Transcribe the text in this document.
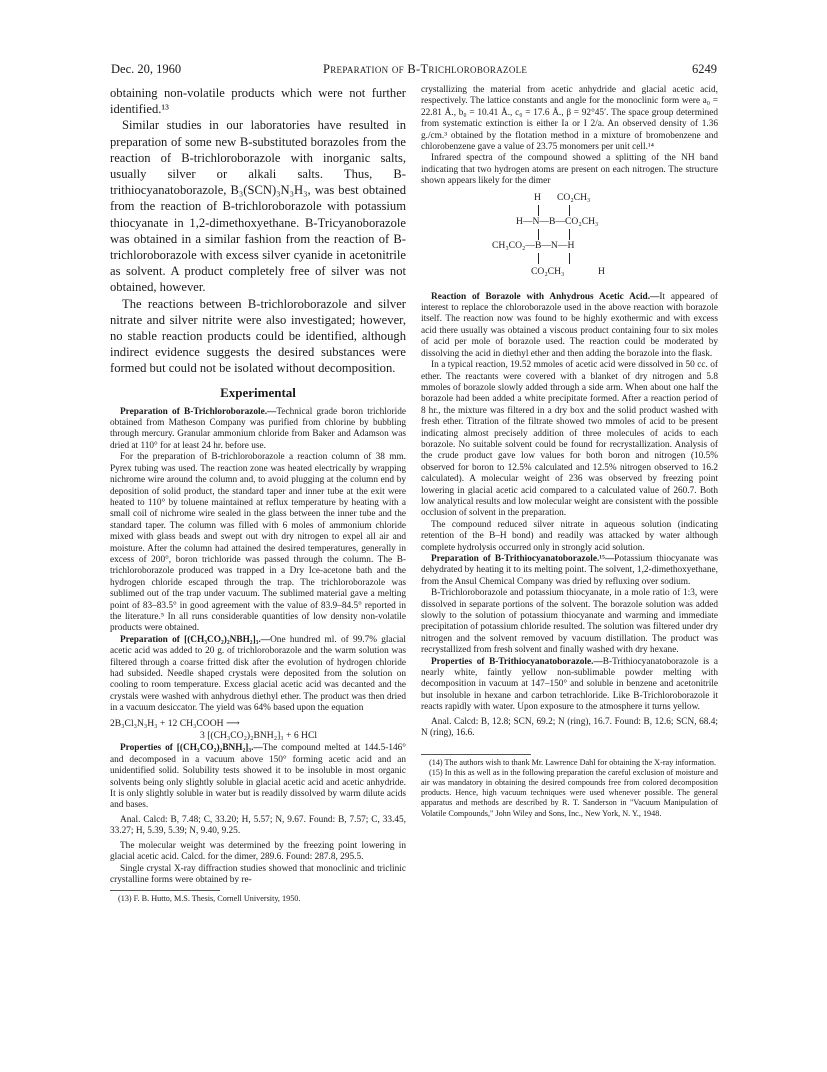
Dec. 20, 1960	Preparation of B-Trichloroborazole	6249

obtaining non-volatile products which were not further identified.¹³

Similar studies in our laboratories have resulted in preparation of some new B-substituted borazoles from the reaction of B-trichloroborazole with inorganic salts, usually silver or alkali salts. Thus, B-trithiocyanatoborazole, B₃(SCN)₃N₃H₃, was best obtained from the reaction of B-trichloroborazole with potassium thiocyanate in 1,2-dimethoxyethane. B-Tricyanoborazole was obtained in a similar fashion from the reaction of B-trichloroborazole with excess silver cyanide in acetonitrile as solvent. A product completely free of silver was not obtained, however.

The reactions between B-trichloroborazole and silver nitrate and silver nitrite were also investigated; however, no stable reaction products could be identified, although indirect evidence suggests the desired substances were formed but could not be isolated without decomposition.

Experimental

Preparation of B-Trichloroborazole.—Technical grade boron trichloride obtained from Matheson Company was purified from chlorine by bubbling through mercury. Granular ammonium chloride from Baker and Adamson was dried at 110° for at least 24 hr. before use.

For the preparation of B-trichloroborazole a reaction column of 38 mm. Pyrex tubing was used. The reaction zone was heated electrically by wrapping nichrome wire around the column and, to avoid plugging at the column end by deposition of solid product, the standard taper and inner tube at the exit were heated to 110° by toluene maintained at reflux temperature by heating with a small coil of nichrome wire sealed in the glass between the inner tube and the standard taper. The column was filled with 6 moles of ammonium chloride mixed with glass beads and swept out with dry nitrogen to expel all air and moisture. After the column had attained the desired temperatures, generally in excess of 200°, boron trichloride was passed through the column. The B-trichloroborazole produced was trapped in a Dry Ice-acetone bath and the hydrogen chloride escaped through the trap. The trichloroborazole was sublimed out of the trap under vacuum. The sublimed material gave a melting point of 83–83.5° in good agreement with the value of 83.9–84.5° reported in the literature.⁵ In all runs considerable quantities of low density non-volatile products were obtained.

Preparation of [(CH₃CO₂)₂NBH₂]₃.—One hundred ml. of 99.7% glacial acetic acid was added to 20 g. of trichloroborazole and the warm solution was filtered through a coarse fritted disk after the evolution of hydrogen chloride had subsided. Needle shaped crystals were deposited from the solution on cooling to room temperature. Excess glacial acetic acid was decanted and the crystals were washed with anhydrous diethyl ether. The product was then dried in a vacuum desiccator. The yield was 64% based upon the equation

2B₃Cl₃N₃H₃ + 12 CH₃COOH ⟶
3 [(CH₃CO₂)₂BNH₂]₃ + 6 HCl

Properties of [(CH₃CO₂)₂BNH₂]₃.—The compound melted at 144.5-146° and decomposed in a vacuum above 150° forming acetic acid and an unidentified solid. Solubility tests showed it to be insoluble in most organic solvents being only slightly soluble in glacial acetic acid and acetic anhydride. It is only slightly soluble in water but is readily dissolved by warm dilute acids and bases.

Anal. Calcd: B, 7.48; C, 33.20; H, 5.57; N, 9.67. Found: B, 7.57; C, 33.45, 33.27; H, 5.39, 5.39; N, 9.40, 9.25.

The molecular weight was determined by the freezing point lowering in glacial acetic acid. Calcd. for the dimer, 289.6. Found: 287.8, 295.5.

Single crystal X-ray diffraction studies showed that monoclinic and triclinic crystalline forms were obtained by re-

(13) F. B. Hutto, M.S. Thesis, Cornell University, 1950.

crystallizing the material from acetic anhydride and glacial acetic acid, respectively. The lattice constants and angle for the monoclinic form were a₀ = 22.81 Å., b₀ = 10.41 Å., c₀ = 17.6 Å., β = 92°45′. The space group determined from systematic extinction is either Ia or I 2/a. An observed density of 1.36 g./cm.³ obtained by the flotation method in a mixture of bromobenzene and chlorobenzene gave a value of 23.75 monomers per unit cell.¹⁴

Infrared spectra of the compound showed a splitting of the NH band indicating that two hydrogen atoms are present on each nitrogen. The structure shown appears likely for the dimer

H CO₂CH₃
H—N—B—CO₂CH₃
CH₃CO₂—B—N—H
CO₂CH₃	H

Reaction of Borazole with Anhydrous Acetic Acid.—It appeared of interest to replace the chloroborazole used in the above reaction with borazole itself. The reaction now was found to be highly exothermic and with excess acid there usually was obtained a viscous product containing four to six moles of acid per mole of borazole used. The reaction could be moderated by dissolving the acid in diethyl ether and then adding the borazole into the flask.

In a typical reaction, 19.52 mmoles of acetic acid were dissolved in 50 cc. of ether. The reactants were covered with a blanket of dry nitrogen and 5.8 mmoles of borazole slowly added through a side arm. When about one half the borazole had been added a white precipitate formed. After a reaction period of 8 hr., the mixture was filtered in a dry box and the solid product washed with fresh ether. Titration of the filtrate showed two mmoles of acid to be present indicating almost precisely addition of three molecules of acids to each borazole. No suitable solvent could be found for recrystallization. Analysis of the crude product gave low values for both boron and nitrogen (10.5% observed for boron to 12.5% calculated and 12.5% nitrogen observed to 16.2 calculated). A molecular weight of 236 was observed by freezing point lowering in glacial acetic acid compared to a calculated value of 260.7. Both low analytical results and low molecular weight are consistent with the possible occlusion of solvent in the preparation.

The compound reduced silver nitrate in aqueous solution (indicating retention of the B–H bond) and readily was attacked by water although complete hydrolysis occurred only in strongly acid solution.

Preparation of B-Trithiocyanatoborazole.¹⁵—Potassium thiocyanate was dehydrated by heating it to its melting point. The solvent, 1,2-dimethoxyethane, from the Ansul Chemical Company was dried by refluxing over sodium.

B-Trichloroborazole and potassium thiocyanate, in a mole ratio of 1:3, were dissolved in separate portions of the solvent. The borazole solution was added slowly to the solution of potassium thiocyanate and warming and immediate precipitation of potassium chloride resulted. The solution was filtered under dry nitrogen and the solvent removed by vacuum distillation. The product was recrystallized from fresh solvent and finally washed with dry hexane.

Properties of B-Trithiocyanatoborazole.—B-Trithiocyanatoborazole is a nearly white, faintly yellow non-sublimable powder melting with decomposition in vacuum at 147–150° and soluble in benzene and acetonitrile but insoluble in hexane and carbon tetrachloride. Like B-Trichloroborazole it reacts rapidly with water. Upon exposure to the atmosphere it turns yellow.

Anal. Calcd: B, 12.8; SCN, 69.2; N (ring), 16.7. Found: B, 12.6; SCN, 68.4; N (ring), 16.6.

(14) The authors wish to thank Mr. Lawrence Dahl for obtaining the X-ray information.

(15) In this as well as in the following preparation the careful exclusion of moisture and air was mandatory in obtaining the desired compounds free from colored decomposition products. Hence, high vacuum techniques were used whenever possible. The general apparatus and methods are described by R. T. Sanderson in "Vacuum Manipulation of Volatile Compounds," John Wiley and Sons, Inc., New York, N. Y., 1948.
